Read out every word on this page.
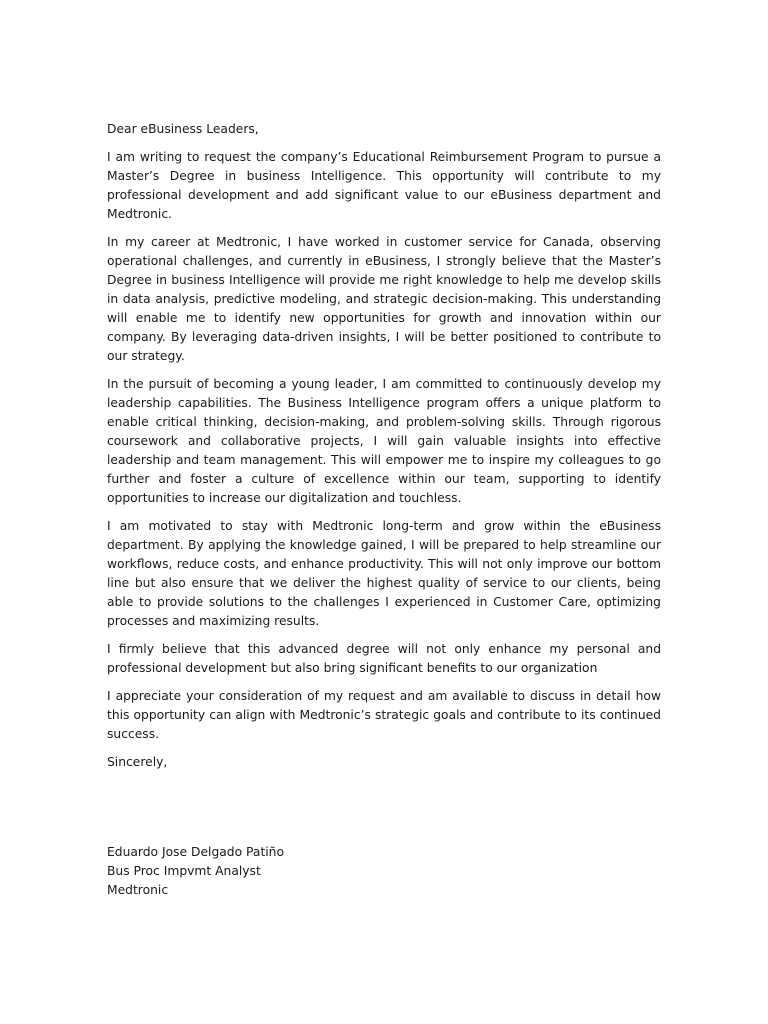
Dear eBusiness Leaders,

I am writing to request the company’s Educational Reimbursement Program to pursue a Master’s Degree in business Intelligence. This opportunity will contribute to my professional development and add significant value to our eBusiness department and Medtronic.

In my career at Medtronic, I have worked in customer service for Canada, observing operational challenges, and currently in eBusiness, I strongly believe that the Master’s Degree in business Intelligence will provide me right knowledge to help me develop skills in data analysis, predictive modeling, and strategic decision-making. This understanding will enable me to identify new opportunities for growth and innovation within our company. By leveraging data-driven insights, I will be better positioned to contribute to our strategy.

In the pursuit of becoming a young leader, I am committed to continuously develop my leadership capabilities. The Business Intelligence program offers a unique platform to enable critical thinking, decision-making, and problem-solving skills. Through rigorous coursework and collaborative projects, I will gain valuable insights into effective leadership and team management. This will empower me to inspire my colleagues to go further and foster a culture of excellence within our team, supporting to identify opportunities to increase our digitalization and touchless.

I am motivated to stay with Medtronic long-term and grow within the eBusiness department. By applying the knowledge gained, I will be prepared to help streamline our workflows, reduce costs, and enhance productivity. This will not only improve our bottom line but also ensure that we deliver the highest quality of service to our clients, being able to provide solutions to the challenges I experienced in Customer Care, optimizing processes and maximizing results.

I firmly believe that this advanced degree will not only enhance my personal and professional development but also bring significant benefits to our organization

I appreciate your consideration of my request and am available to discuss in detail how this opportunity can align with Medtronic’s strategic goals and contribute to its continued success.

Sincerely,

Eduardo Jose Delgado Patiño
Bus Proc Impvmt Analyst
Medtronic
